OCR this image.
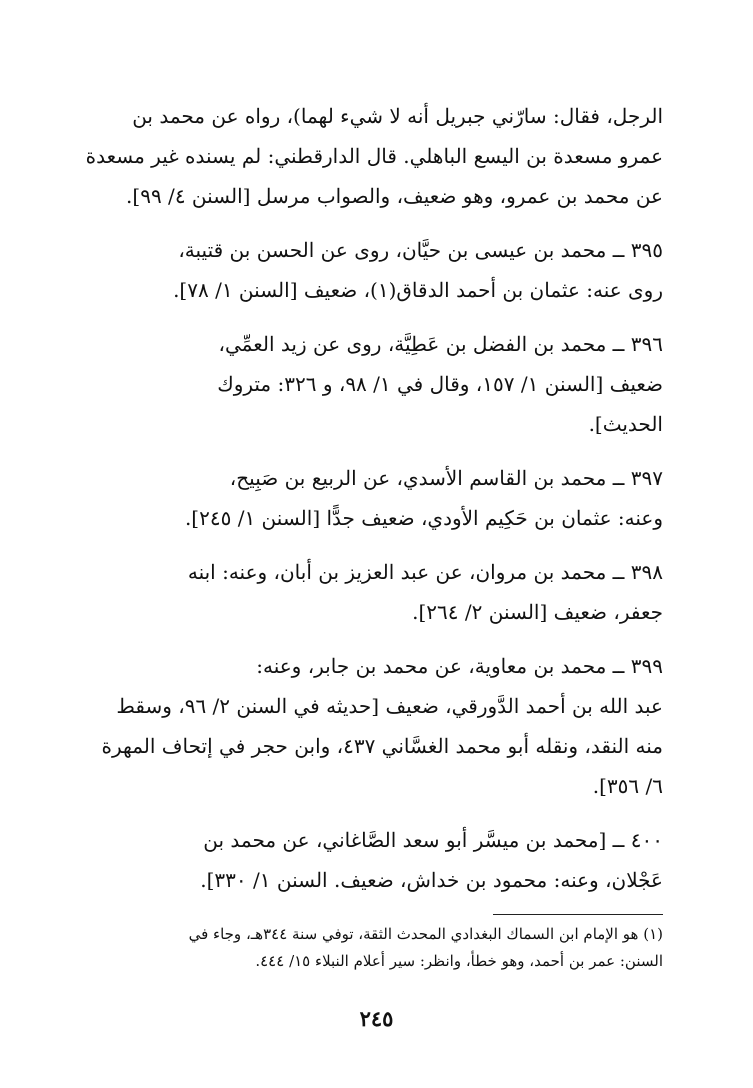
الرجل، فقال: سارّني جبريل أنه لا شيء لهما)، رواه عن محمد بن

عمرو مسعدة بن اليسع الباهلي. قال الدارقطني: لم يسنده غير مسعدة

عن محمد بن عمرو، وهو ضعيف، والصواب مرسل [السنن ٤/ ٩٩].

٣٩٥ ــ محمد بن عيسى بن حيَّان، روى عن الحسن بن قتيبة،

روى عنه: عثمان بن أحمد الدقاق(١)، ضعيف [السنن ١/ ٧٨].

٣٩٦ ــ محمد بن الفضل بن عَطِيَّة، روى عن زيد العمِّي،

ضعيف [السنن ١/ ١٥٧، وقال في ١/ ٩٨، و ٣٢٦: متروك

الحديث].

٣٩٧ ــ محمد بن القاسم الأسدي، عن الربيع بن صَبِيح،

وعنه: عثمان بن حَكِيم الأودي، ضعيف جدًّا [السنن ١/ ٢٤٥].

٣٩٨ ــ محمد بن مروان، عن عبد العزيز بن أبان، وعنه: ابنه

جعفر، ضعيف [السنن ٢/ ٢٦٤].

٣٩٩ ــ محمد بن معاوية، عن محمد بن جابر، وعنه:

عبد الله بن أحمد الدَّورقي، ضعيف [حديثه في السنن ٢/ ٩٦، وسقط

منه النقد، ونقله أبو محمد الغسَّاني ٤٣٧، وابن حجر في إتحاف المهرة

٦/ ٣٥٦].

٤٠٠ ــ [محمد بن ميسَّر أبو سعد الصَّاغاني، عن محمد بن

عَجْلان، وعنه: محمود بن خداش، ضعيف. السنن ١/ ٣٣٠].

(١) هو الإمام ابن السماك البغدادي المحدث الثقة، توفي سنة ٣٤٤هـ، وجاء في

السنن: عمر بن أحمد، وهو خطأ، وانظر: سير أعلام النبلاء ١٥/ ٤٤٤.

٢٤٥
